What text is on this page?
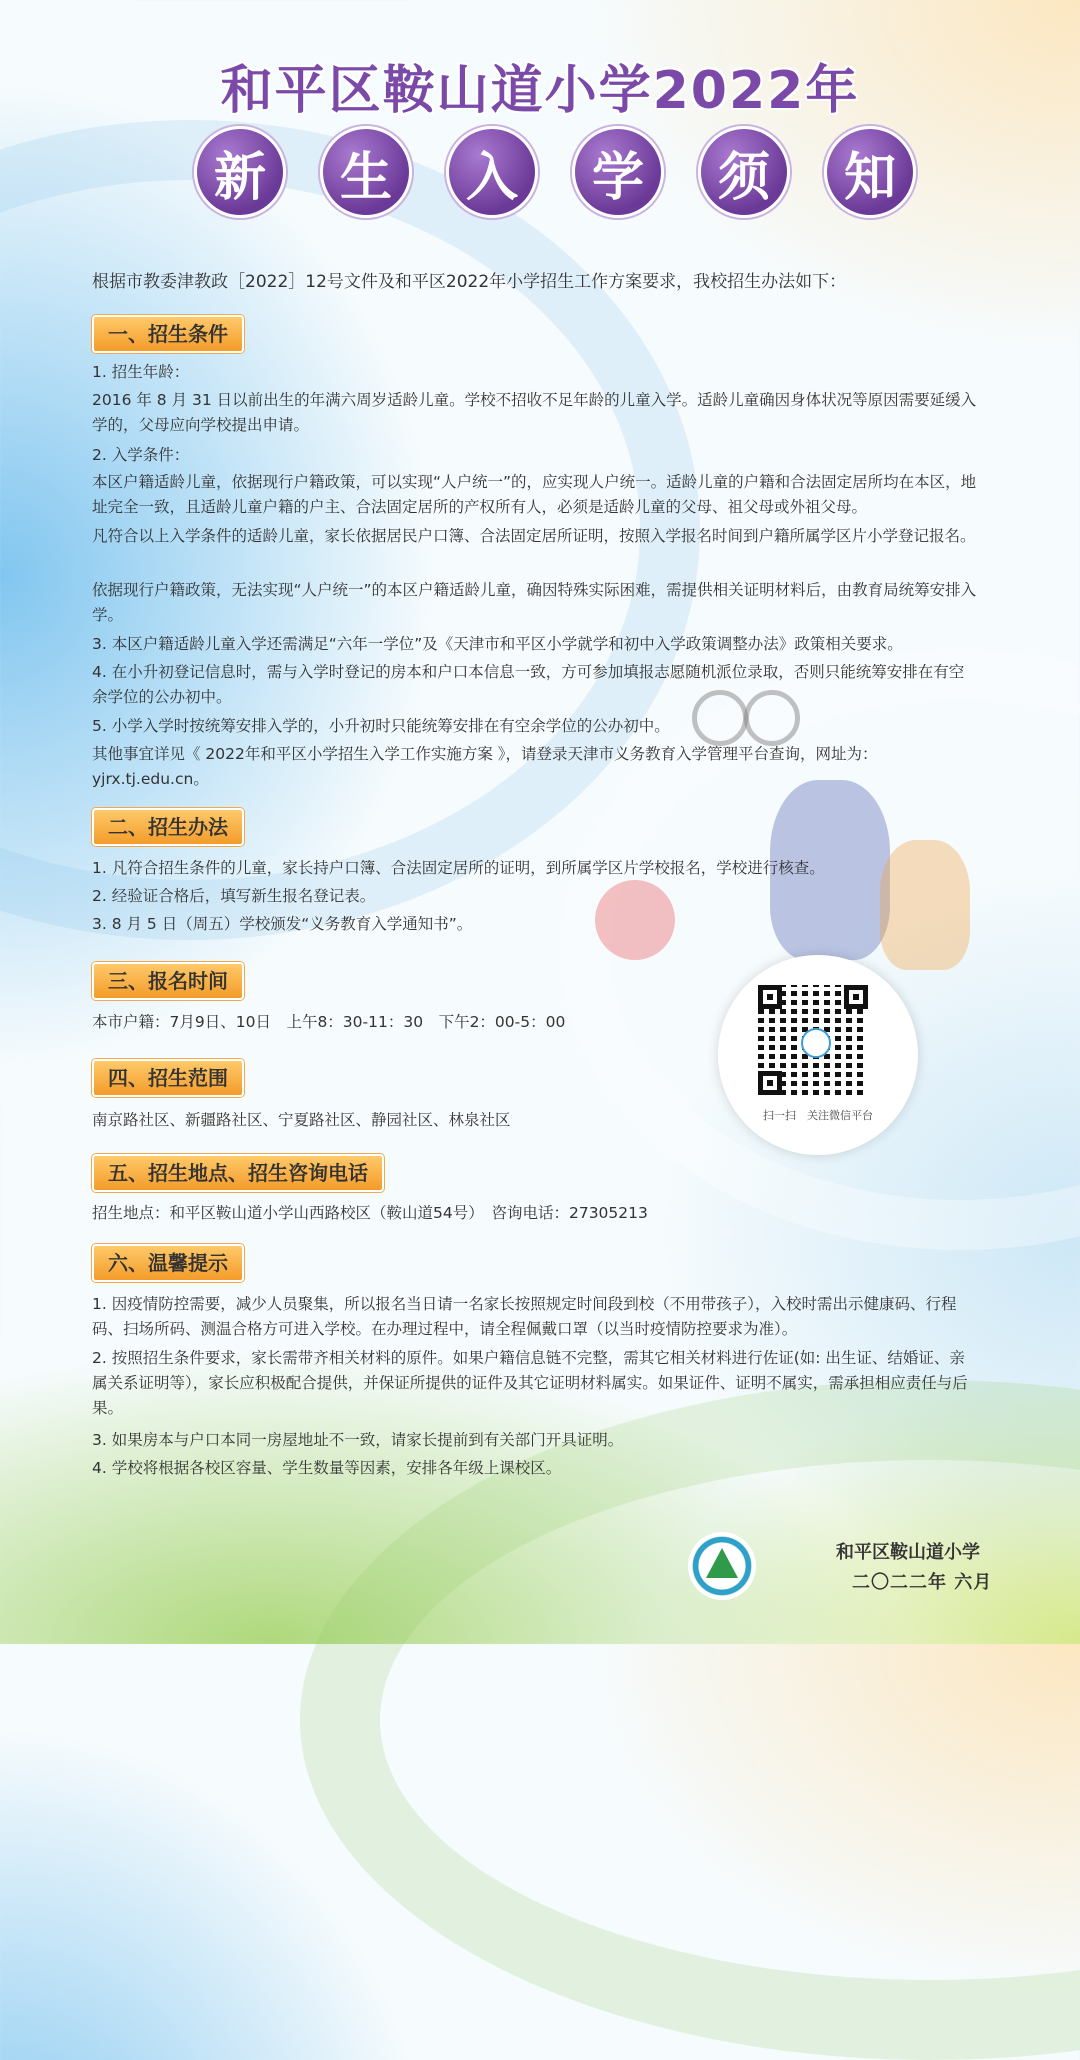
和平区鞍山道小学2022年
新	生	入	学	须	知
根据市教委津教政［2022］12号文件及和平区2022年小学招生工作方案要求，我校招生办法如下：
一、招生条件
1. 招生年龄：
2016 年 8 月 31 日以前出生的年满六周岁适龄儿童。学校不招收不足年龄的儿童入学。适龄儿童确因身体状况等原因需要延缓入学的，父母应向学校提出申请。
2. 入学条件：
本区户籍适龄儿童，依据现行户籍政策，可以实现“人户统一”的，应实现人户统一。适龄儿童的户籍和合法固定居所均在本区，地址完全一致，且适龄儿童户籍的户主、合法固定居所的产权所有人，必须是适龄儿童的父母、祖父母或外祖父母。
凡符合以上入学条件的适龄儿童，家长依据居民户口簿、合法固定居所证明，按照入学报名时间到户籍所属学区片小学登记报名。
依据现行户籍政策，无法实现“人户统一”的本区户籍适龄儿童，确因特殊实际困难，需提供相关证明材料后，由教育局统筹安排入学。
3. 本区户籍适龄儿童入学还需满足“六年一学位”及《天津市和平区小学就学和初中入学政策调整办法》政策相关要求。
4. 在小升初登记信息时，需与入学时登记的房本和户口本信息一致，方可参加填报志愿随机派位录取，否则只能统筹安排在有空余学位的公办初中。
5. 小学入学时按统筹安排入学的，小升初时只能统筹安排在有空余学位的公办初中。
其他事宜详见《 2022年和平区小学招生入学工作实施方案 》，请登录天津市义务教育入学管理平台查询，网址为：yjrx.tj.edu.cn。
二、招生办法
1. 凡符合招生条件的儿童，家长持户口簿、合法固定居所的证明，到所属学区片学校报名，学校进行核查。
2. 经验证合格后，填写新生报名登记表。
3. 8 月 5 日（周五）学校颁发“义务教育入学通知书”。
三、报名时间
本市户籍：7月9日、10日　上午8：30-11：30　下午2：00-5：00
四、招生范围
南京路社区、新疆路社区、宁夏路社区、静园社区、林泉社区
五、招生地点、招生咨询电话
招生地点：和平区鞍山道小学山西路校区（鞍山道54号）　咨询电话：27305213
六、温馨提示
1. 因疫情防控需要，减少人员聚集，所以报名当日请一名家长按照规定时间段到校（不用带孩子），入校时需出示健康码、行程码、扫场所码、测温合格方可进入学校。在办理过程中，请全程佩戴口罩（以当时疫情防控要求为准）。
2. 按照招生条件要求，家长需带齐相关材料的原件。如果户籍信息链不完整，需其它相关材料进行佐证(如: 出生证、结婚证、亲属关系证明等），家长应积极配合提供，并保证所提供的证件及其它证明材料属实。如果证件、证明不属实，需承担相应责任与后果。
3. 如果房本与户口本同一房屋地址不一致，请家长提前到有关部门开具证明。
4. 学校将根据各校区容量、学生数量等因素，安排各年级上课校区。
扫一扫　关注微信平台
和平区鞍山道小学
二〇二二年 六月
